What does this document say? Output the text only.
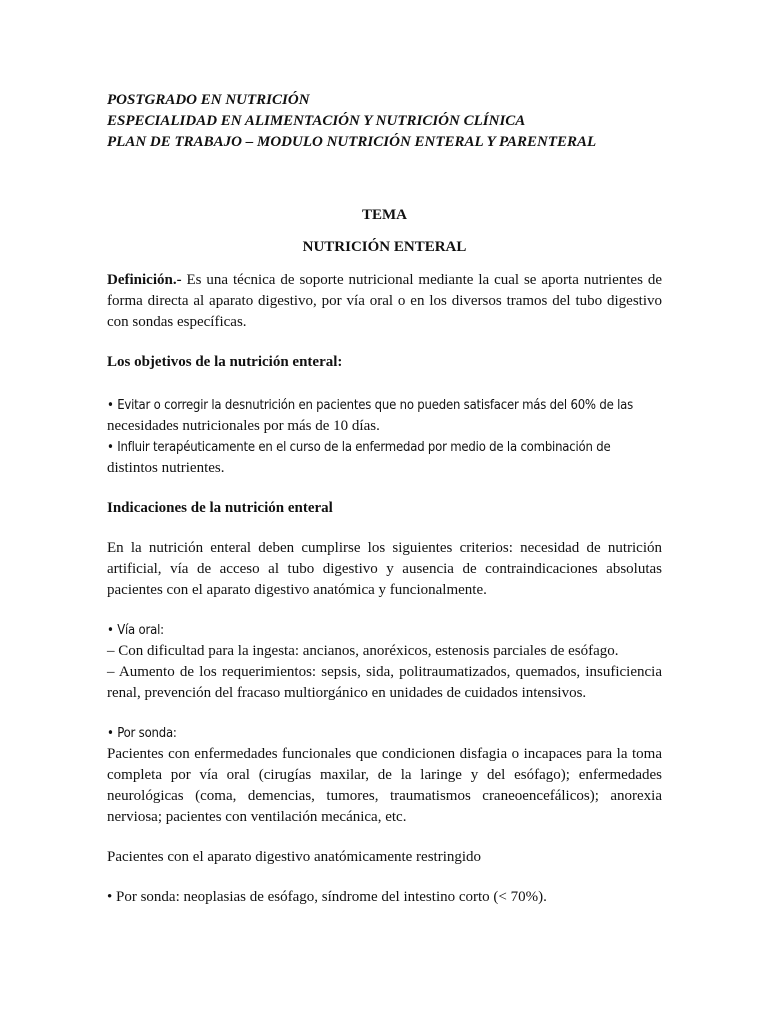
POSTGRADO EN NUTRICIÓN

ESPECIALIDAD EN ALIMENTACIÓN Y NUTRICIÓN CLÍNICA

PLAN DE TRABAJO – MODULO NUTRICIÓN ENTERAL Y PARENTERAL

TEMA

NUTRICIÓN ENTERAL

Definición.- Es una técnica de soporte nutricional mediante la cual se aporta nutrientes de forma directa al aparato digestivo, por vía oral o en los diversos tramos del tubo digestivo con sondas específicas.

Los objetivos de la nutrición enteral:

• Evitar o corregir la desnutrición en pacientes que no pueden satisfacer más del 60% de las

necesidades nutricionales por más de 10 días.

• Influir terapéuticamente en el curso de la enfermedad por medio de la combinación de

distintos nutrientes.

Indicaciones de la nutrición enteral

En la nutrición enteral deben cumplirse los siguientes criterios: necesidad de nutrición artificial, vía de acceso al tubo digestivo y ausencia de contraindicaciones absolutas pacientes con el aparato digestivo anatómica y funcionalmente.

• Vía oral:

– Con dificultad para la ingesta: ancianos, anoréxicos, estenosis parciales de esófago.

– Aumento de los requerimientos: sepsis, sida, politraumatizados, quemados, insuficiencia renal, prevención del fracaso multiorgánico en unidades de cuidados intensivos.

• Por sonda:

Pacientes con enfermedades funcionales que condicionen disfagia o incapaces para la toma completa por vía oral (cirugías maxilar, de la laringe y del esófago); enfermedades neurológicas (coma, demencias, tumores, traumatismos craneoencefálicos); anorexia nerviosa; pacientes con ventilación mecánica, etc.

Pacientes con el aparato digestivo anatómicamente restringido

• Por sonda: neoplasias de esófago, síndrome del intestino corto (< 70%).
